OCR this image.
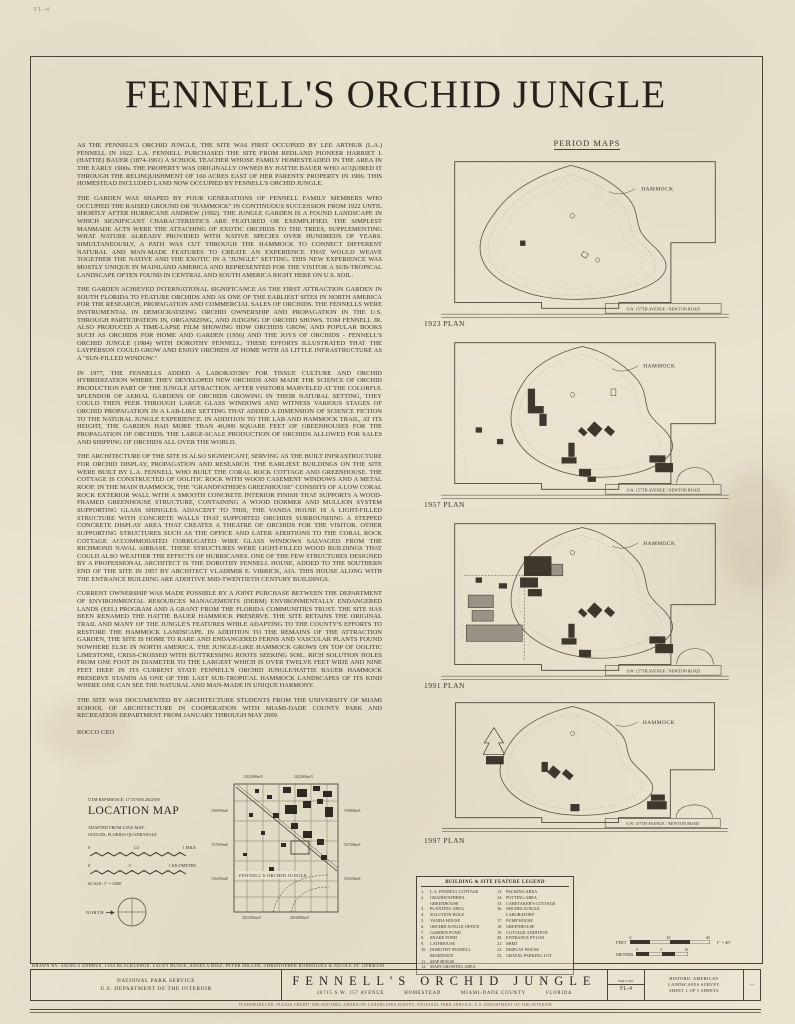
FL-4
FENNELL'S ORCHID JUNGLE

AS THE FENNELL'S ORCHID JUNGLE, THE SITE WAS FIRST OCCUPIED BY LEE ARTHUR (L.A.) FENNELL IN 1922. L.A. FENNELL PURCHASED THE SITE FROM REDLAND PIONEER HARRIET I. (HATTIE) BAUER (1874-1961) A SCHOOL TEACHER WHOSE FAMILY HOMESTEADED IN THE AREA IN THE EARLY 1900s. THE PROPERTY WAS ORIGINALLY OWNED BY HATTIE BAUER WHO ACQUIRED IT THROUGH THE RELINQUISHMENT OF 160 ACRES EAST OF HER PARENTS' PROPERTY IN 1906. THIS HOMESTEAD INCLUDED LAND NOW OCCUPIED BY FENNELL'S ORCHID JUNGLE.

THE GARDEN WAS SHAPED BY FOUR GENERATIONS OF FENNELL FAMILY MEMBERS WHO OCCUPIED THE RAISED GROUND OR "HAMMOCK" IN CONTINUOUS SUCCESSION FROM 1922 UNTIL SHORTLY AFTER HURRICANE ANDREW (1992). THE JUNGLE GARDEN IS A FOUND LANDSCAPE IN WHICH SIGNIFICANT CHARACTERISTICS ARE FEATURED OR EXEMPLIFIED. THE SIMPLEST MANMADE ACTS WERE THE ATTACHING OF EXOTIC ORCHIDS TO THE TREES, SUPPLEMENTING WHAT NATURE ALREADY PROVIDED WITH NATIVE SPECIES OVER HUNDREDS OF YEARS. SIMULTANEOUSLY, A PATH WAS CUT THROUGH THE HAMMOCK TO CONNECT DIFFERENT NATURAL AND MAN-MADE FEATURES TO CREATE AN EXPERIENCE THAT WOULD WEAVE TOGETHER THE NATIVE AND THE EXOTIC IN A "JUNGLE" SETTING. THIS NEW EXPERIENCE WAS MOSTLY UNIQUE IN MAINLAND AMERICA AND REPRESENTED FOR THE VISITOR A SUB-TROPICAL LANDSCAPE OFTEN FOUND IN CENTRAL AND SOUTH AMERICA RIGHT HERE ON U.S. SOIL.

THE GARDEN ACHIEVED INTERNATIONAL SIGNIFICANCE AS THE FIRST ATTRACTION GARDEN IN SOUTH FLORIDA TO FEATURE ORCHIDS AND AS ONE OF THE EARLIEST SITES IN NORTH AMERICA FOR THE RESEARCH, PROPAGATION AND COMMERCIAL SALES OF ORCHIDS. THE FENNELLS WERE INSTRUMENTAL IN DEMOCRATIZING ORCHID OWNERSHIP AND PROPAGATION IN THE U.S. THROUGH PARTICIPATION IN, ORGANIZING, AND JUDGING OF ORCHID SHOWS. TOM FENNELL JR. ALSO PRODUCED A TIME-LAPSE FILM SHOWING HOW ORCHIDS GROW, AND POPULAR BOOKS SUCH AS ORCHIDS FOR HOME AND GARDEN (1956) AND THE JOYS OF ORCHIDS - FENNELL'S ORCHID JUNGLE (1984) WITH DOROTHY FENNELL. THESE EFFORTS ILLUSTRATED THAT THE LAYPERSON COULD GROW AND ENJOY ORCHIDS AT HOME WITH AS LITTLE INFRASTRUCTURE AS A "SUN-FILLED WINDOW."

IN 1977, THE FENNELLS ADDED A LABORATORY FOR TISSUE CULTURE AND ORCHID HYBRIDIZATION WHERE THEY DEVELOPED NEW ORCHIDS AND MADE THE SCIENCE OF ORCHID PRODUCTION PART OF THE JUNGLE ATTRACTION. AFTER VISITORS MARVELED AT THE COLORFUL SPLENDOR OF AERIAL GARDENS OF ORCHIDS GROWING IN THEIR NATURAL SETTING, THEY COULD THEN PEER THROUGH LARGE GLASS WINDOWS AND WITNESS VARIOUS STAGES OF ORCHID PROPAGATION IN A LAB-LIKE SETTING THAT ADDED A DIMENSION OF SCIENCE FICTION TO THE NATURAL JUNGLE EXPERIENCE. IN ADDITION TO THE LAB AND HAMMOCK TRAIL, AT ITS HEIGHT, THE GARDEN HAD MORE THAN 40,000 SQUARE FEET OF GREENHOUSES FOR THE PROPAGATION OF ORCHIDS. THE LARGE-SCALE PRODUCTION OF ORCHIDS ALLOWED FOR SALES AND SHIPPING OF ORCHIDS ALL OVER THE WORLD.

THE ARCHITECTURE OF THE SITE IS ALSO SIGNIFICANT, SERVING AS THE BUILT INFRASTRUCTURE FOR ORCHID DISPLAY, PROPAGATION AND RESEARCH. THE EARLIEST BUILDINGS ON THE SITE WERE BUILT BY L.A. FENNELL WHO BUILT THE CORAL ROCK COTTAGE AND GREENHOUSE. THE COTTAGE IS CONSTRUCTED OF OOLITIC ROCK WITH WOOD CASEMENT WINDOWS AND A METAL ROOF. IN THE MAIN HAMMOCK, THE "GRANDFATHER'S GREENHOUSE" CONSISTS OF A LOW CORAL ROCK EXTERIOR WALL WITH A SMOOTH CONCRETE INTERIOR FINISH THAT SUPPORTS A WOOD-FRAMED GREENHOUSE STRUCTURE, CONTAINING A WOOD DORMER AND MULLION SYSTEM SUPPORTING GLASS SHINGLES. ADJACENT TO THIS, THE VANDA HOUSE IS A LIGHT-FILLED STRUCTURE WITH CONCRETE WALLS THAT SUPPORTED ORCHIDS SURROUNDING A STEPPED CONCRETE DISPLAY AREA THAT CREATES A THEATRE OF ORCHIDS FOR THE VISITOR. OTHER SUPPORTING STRUCTURES SUCH AS THE OFFICE AND LATER ADDITIONS TO THE CORAL ROCK COTTAGE ACCOMMODATED CORRUGATED WIRE GLASS WINDOWS SALVAGED FROM THE RICHMOND NAVAL AIRBASE. THESE STRUCTURES WERE LIGHT-FILLED WOOD BUILDINGS THAT COULD ALSO WEATHER THE EFFECTS OF HURRICANES. ONE OF THE FEW STRUCTURES DESIGNED BY A PROFESSIONAL ARCHITECT IS THE DOROTHY FENNELL HOUSE, ADDED TO THE SOUTHERN END OF THE SITE IN 1957 BY ARCHITECT VLADIMIR E. VIRRICK, AIA. THIS HOUSE ALONG WITH THE ENTRANCE BUILDING ARE ADDITIVE MID-TWENTIETH CENTURY BUILDINGS.

CURRENT OWNERSHIP WAS MADE POSSIBLE BY A JOINT PURCHASE BETWEEN THE DEPARTMENT OF ENVIRONMENTAL RESOURCES MANAGEMENTS (DERM) ENVIRONMENTALLY ENDANGERED LANDS (EEL) PROGRAM AND A GRANT FROM THE FLORIDA COMMUNITIES TRUST. THE SITE HAS BEEN RENAMED THE HATTIE BAUER HAMMOCK PRESERVE. THE SITE RETAINS THE ORIGINAL TRAIL AND MANY OF THE JUNGLE'S FEATURES WHILE ADAPTING TO THE COUNTY'S EFFORTS TO RESTORE THE HAMMOCK LANDSCAPE. IN ADDITION TO THE REMAINS OF THE ATTRACTION GARDEN, THE SITE IS HOME TO RARE AND ENDANGERED FERNS AND VASCULAR PLANTS FOUND NOWHERE ELSE IN NORTH AMERICA. THE JUNGLE-LIKE HAMMOCK GROWS ON TOP OF OOLITIC LIMESTONE, CRISS-CROSSED WITH BUTTRESSING ROOTS SEEKING SOIL. RICH SOLUTION HOLES FROM ONE FOOT IN DIAMETER TO THE LARGEST WHICH IS OVER TWELVE FEET WIDE AND NINE FEET DEEP. IN ITS CURRENT STATE FENNELL'S ORCHID JUNGLE/HATTIE BAUER HAMMOCK PRESERVE STANDS AS ONE OF THE LAST SUB-TROPICAL HAMMOCK LANDSCAPES OF ITS KIND WHERE ONE CAN SEE THE NATURAL AND MAN-MADE IN UNIQUE HARMONY.

THE SITE WAS DOCUMENTED BY ARCHITECTURE STUDENTS FROM THE UNIVERSITY OF MIAMI SCHOOL OF ARCHITECTURE IN COOPERATION WITH MIAMI-DADE COUNTY PARK AND RECREATION DEPARTMENT FROM JANUARY THROUGH MAY 2009.

ROCCO CEO

PERIOD MAPS
HAMMOCK
S.W. 157TH AVENUE / NEWTON ROAD
1923 PLAN
HAMMOCK
S.W. 157TH AVENUE / NEWTON ROAD
1957 PLAN
HAMMOCK
S.W. 157TH AVENUE / NEWTON ROAD
1991 PLAN
HAMMOCK
S.W. 157TH AVENUE / NEWTON ROAD
1997 PLAN
UTM REFERENCE: 17.557000.2822500
LOCATION MAP
ADAPTED FROM USGS MAP -
GOULDS, FLORIDA QUADRANGLE
0	1/2	1 MILE
0	.5	1 KILOMETER
SCALE: 1" = 2000'
NORTH
FENNELL'S ORCHID JUNGLE
2823000mN	2822000mN
2821000mN	2820000mN
558000mE
557000mE
556000mE
558000mE
557500mE
556500mE
BUILDING & SITE FEATURE LEGEND
1.	L.A. FENNELL COTTAGE
2.	GRANDFATHER'S GREENHOUSE
3.	PLANTING AREA
4.	SOLUTION HOLE
5.	VANDA HOUSE
6.	ORCHID JUNGLE OFFICE
7.	GARDEN POND
8.	SNAKE POND
9.	LATHHOUSE
10. DOROTHY FENNELL RESIDENCE
11. MAP HOUSE
12. MAIN GROWING AREA
13. PACKING AREA
14. POTTING AREA
15. CARETAKER'S COTTAGE
16. ORCHID JUNGLE LABORATORY
17. PUMP HOUSE
18. GREENHOUSE
19. COTTAGE ADDITION
20. ENTRANCE PYLON
21. SHED
22. DISPLAY HOUSE
23. GRAVEL PARKING LOT
FEET
0	20	40
1" = 40'
METERS
0	5	10
DRAWN BY: ANGELA ANDRUS, LISA BLACKLEDGE, LACEY BLOCK, ANGELA DIAZ, PETER MILLER, CHRISTOPHER RODRIGUEZ & NICOLE ST. GERMAIN
NATIONAL PARK SERVICE
U.S. DEPARTMENT OF THE INTERIOR
FENNELL'S ORCHID JUNGLE
26715 S.W. 157 AVENUE	HOMESTEAD	MIAMI-DADE COUNTY	FLORIDA
HALS NO.
FL-4
HISTORIC AMERICAN
LANDSCAPES SURVEY
SHEET 1 OF 5 SHEETS
—
IF REPRODUCED, PLEASE CREDIT THE HISTORIC AMERICAN LANDSCAPES SURVEY, NATIONAL PARK SERVICE, U.S. DEPARTMENT OF THE INTERIOR
